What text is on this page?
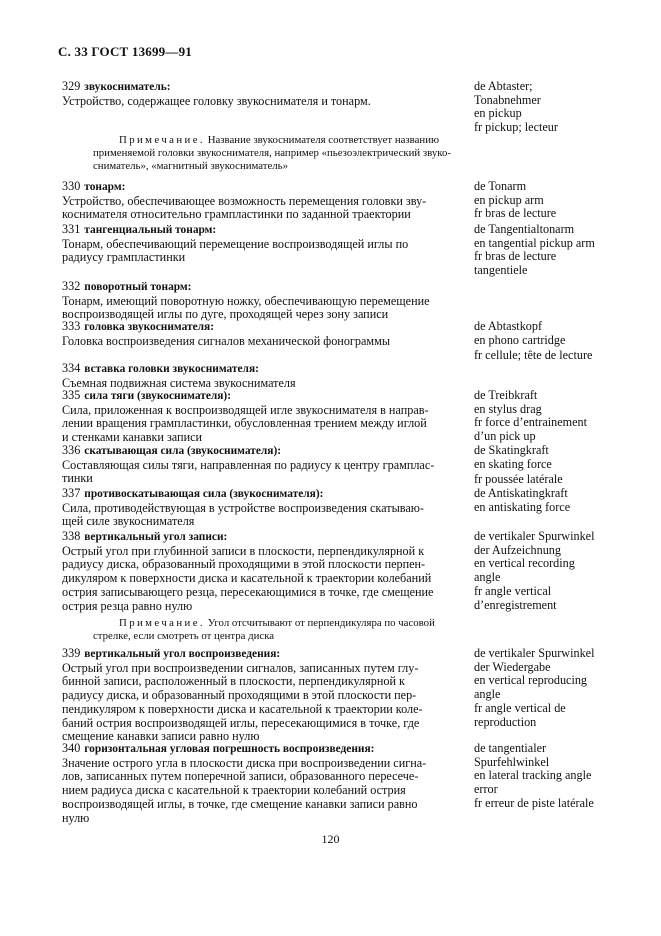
С. 33 ГОСТ 13699—91
329 звукосниматель:
Устройство, содержащее головку звукоснимателя и тонарм.
de Abtaster;
Tonabnehmer
en pickup
fr pickup; lecteur
Примечание. Название звукоснимателя соответствует названию
применяемой головки звукоснимателя, например «пьезоэлектрический звуко-
сниматель», «магнитный звукосниматель»
330 тонарм:
Устройство, обеспечивающее возможность перемещения головки зву-
коснимателя относительно грампластинки по заданной траектории
de Tonarm
en pickup arm
fr bras de lecture
331 тангенциальный тонарм:
Тонарм, обеспечивающий перемещение воспроизводящей иглы по
радиусу грампластинки
de Tangentialtonarm
en tangential pickup arm
fr bras de lecture
tangentiele
332 поворотный тонарм:
Тонарм, имеющий поворотную ножку, обеспечивающую перемещение
воспроизводящей иглы по дуге, проходящей через зону записи
333 головка звукоснимателя:
Головка воспроизведения сигналов механической фонограммы
de Abtastkopf
en phono cartridge
fr cellule; tête de lecture
334 вставка головки звукоснимателя:
Съемная подвижная система звукоснимателя
335 сила тяги (звукоснимателя):
Сила, приложенная к воспроизводящей игле звукоснимателя в направ-
лении вращения грампластинки, обусловленная трением между иглой
и стенками канавки записи
de Treibkraft
en stylus drag
fr force d’entrainement
d’un pick up
336 скатывающая сила (звукоснимателя):
Составляющая силы тяги, направленная по радиусу к центру грамплас-
тинки
de Skatingkraft
en skating force
fr poussée latérale
337 противоскатывающая сила (звукоснимателя):
Сила, противодействующая в устройстве воспроизведения скатываю-
щей силе звукоснимателя
de Antiskatingkraft
en antiskating force
338 вертикальный угол записи:
Острый угол при глубинной записи в плоскости, перпендикулярной к
радиусу диска, образованный проходящими в этой плоскости перпен-
дикуляром к поверхности диска и касательной к траектории колебаний
острия записывающего резца, пересекающимися в точке, где смещение
острия резца равно нулю
de vertikaler Spurwinkel
der Aufzeichnung
en vertical recording
angle
fr angle vertical
d’enregistrement
Примечание. Угол отсчитывают от перпендикуляра по часовой
стрелке, если смотреть от центра диска
339 вертикальный угол воспроизведения:
Острый угол при воспроизведении сигналов, записанных путем глу-
бинной записи, расположенный в плоскости, перпендикулярной к
радиусу диска, и образованный проходящими в этой плоскости пер-
пендикуляром к поверхности диска и касательной к траектории коле-
баний острия воспроизводящей иглы, пересекающимися в точке, где
смещение канавки записи равно нулю
de vertikaler Spurwinkel
der Wiedergabe
en vertical reproducing
angle
fr angle vertical de
reproduction
340 горизонтальная угловая погрешность воспроизведения:
Значение острого угла в плоскости диска при воспроизведении сигна-
лов, записанных путем поперечной записи, образованного пересече-
нием радиуса диска с касательной к траектории колебаний острия
воспроизводящей иглы, в точке, где смещение канавки записи равно
нулю
de tangentialer
Spurfehlwinkel
en lateral tracking angle
error
fr erreur de piste latérale
120
